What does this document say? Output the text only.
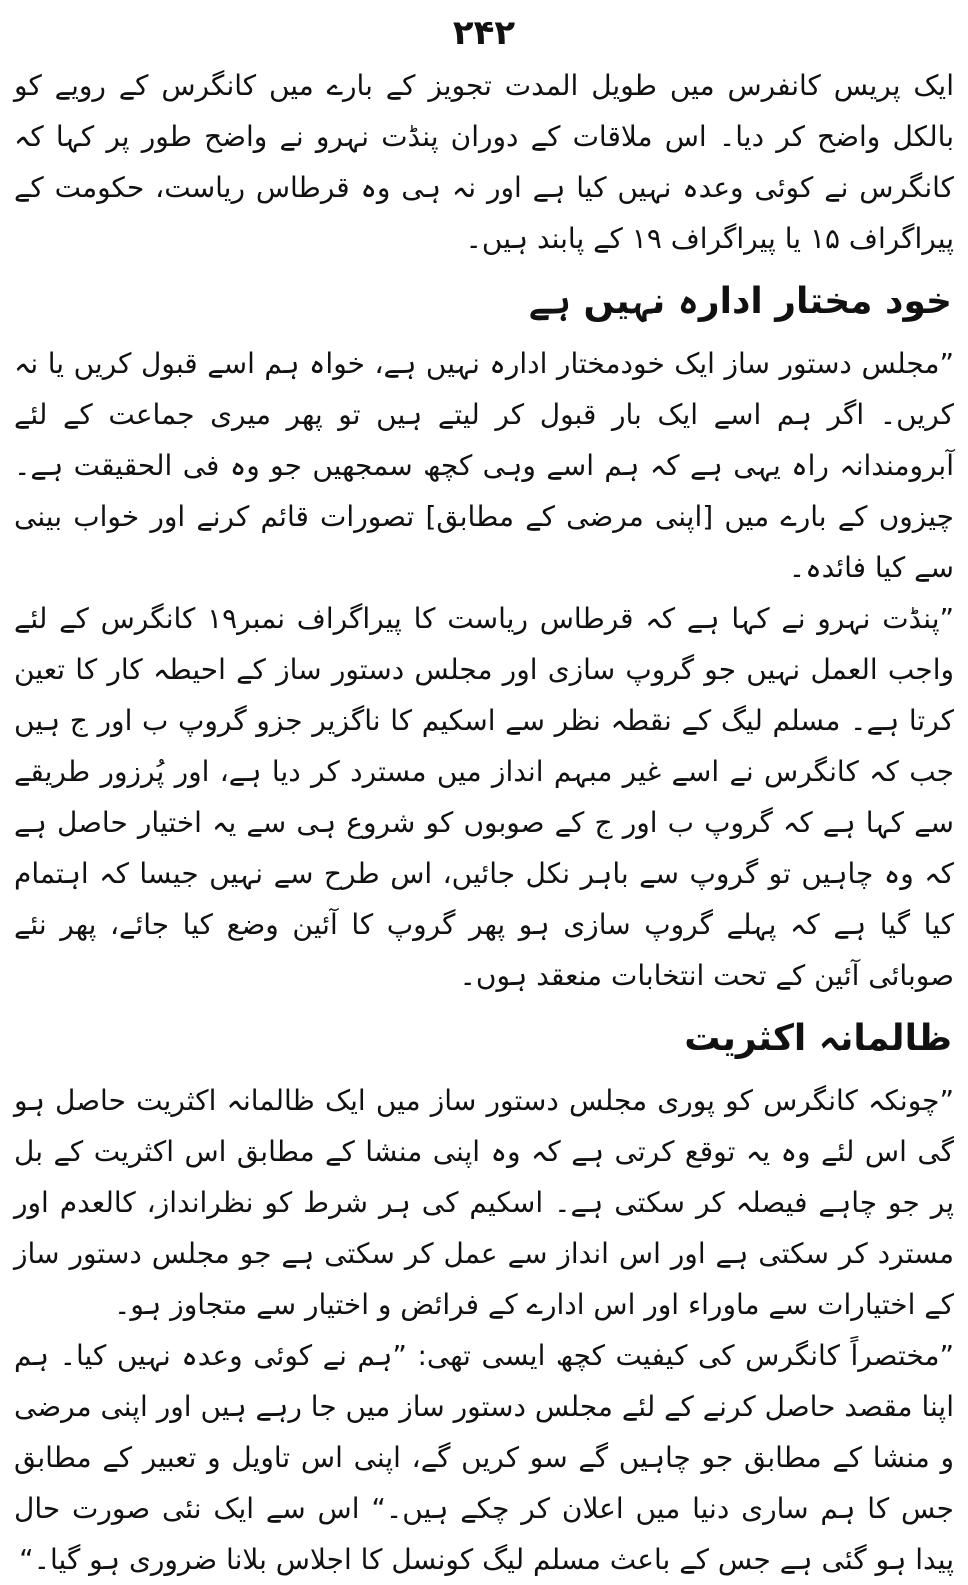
۲۴۲

ایک پریس کانفرس میں طویل المدت تجویز کے بارے میں کانگرس کے رویے کو بالکل واضح کر دیا۔ اس ملاقات کے دوران پنڈت نہرو نے واضح طور پر کہا کہ کانگرس نے کوئی وعدہ نہیں کیا ہے اور نہ ہی وہ قرطاس ریاست، حکومت کے پیراگراف ۱۵ یا پیراگراف ۱۹ کے پابند ہیں۔

خود مختار ادارہ نہیں ہے

”مجلس دستور ساز ایک خودمختار ادارہ نہیں ہے، خواہ ہم اسے قبول کریں یا نہ کریں۔ اگر ہم اسے ایک بار قبول کر لیتے ہیں تو پھر میری جماعت کے لئے آبرومندانہ راہ یہی ہے کہ ہم اسے وہی کچھ سمجھیں جو وہ فی الحقیقت ہے۔ چیزوں کے بارے میں [اپنی مرضی کے مطابق] تصورات قائم کرنے اور خواب بینی سے کیا فائدہ۔

”پنڈت نہرو نے کہا ہے کہ قرطاس ریاست کا پیراگراف نمبر۱۹ کانگرس کے لئے واجب العمل نہیں جو گروپ سازی اور مجلس دستور ساز کے احیطہ کار کا تعین کرتا ہے۔ مسلم لیگ کے نقطہ نظر سے اسکیم کا ناگزیر جزو گروپ ب اور ج ہیں جب کہ کانگرس نے اسے غیر مبہم انداز میں مسترد کر دیا ہے، اور پُرزور طریقے سے کہا ہے کہ گروپ ب اور ج کے صوبوں کو شروع ہی سے یہ اختیار حاصل ہے کہ وہ چاہیں تو گروپ سے باہر نکل جائیں، اس طرح سے نہیں جیسا کہ اہتمام کیا گیا ہے کہ پہلے گروپ سازی ہو پھر گروپ کا آئین وضع کیا جائے، پھر نئے صوبائی آئین کے تحت انتخابات منعقد ہوں۔

ظالمانہ اکثریت

”چونکہ کانگرس کو پوری مجلس دستور ساز میں ایک ظالمانہ اکثریت حاصل ہو گی اس لئے وہ یہ توقع کرتی ہے کہ وہ اپنی منشا کے مطابق اس اکثریت کے بل پر جو چاہے فیصلہ کر سکتی ہے۔ اسکیم کی ہر شرط کو نظرانداز، کالعدم اور مسترد کر سکتی ہے اور اس انداز سے عمل کر سکتی ہے جو مجلس دستور ساز کے اختیارات سے ماوراء اور اس ادارے کے فرائض و اختیار سے متجاوز ہو۔

”مختصراً کانگرس کی کیفیت کچھ ایسی تھی: ”ہم نے کوئی وعدہ نہیں کیا۔ ہم اپنا مقصد حاصل کرنے کے لئے مجلس دستور ساز میں جا رہے ہیں اور اپنی مرضی و منشا کے مطابق جو چاہیں گے سو کریں گے، اپنی اس تاویل و تعبیر کے مطابق جس کا ہم ساری دنیا میں اعلان کر چکے ہیں۔“ اس سے ایک نئی صورت حال پیدا ہو گئی ہے جس کے باعث مسلم لیگ کونسل کا اجلاس بلانا ضروری ہو گیا۔“
